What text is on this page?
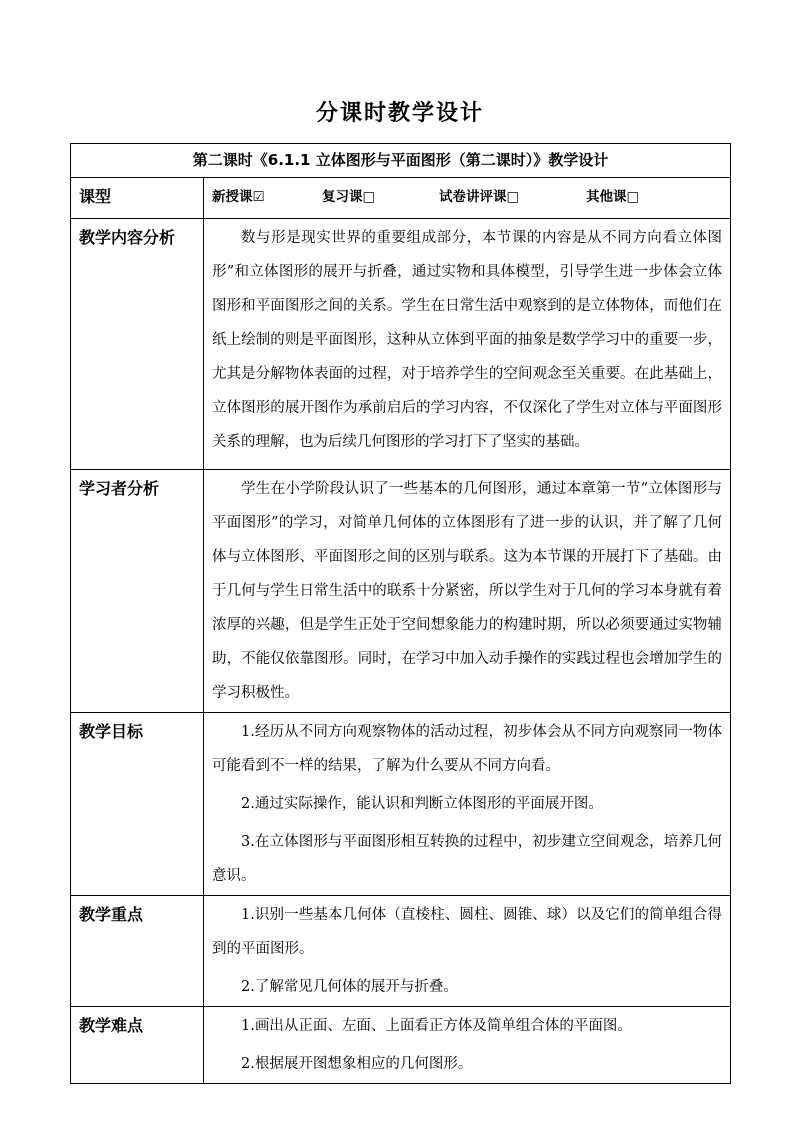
分课时教学设计
第二课时《6.1.1 立体图形与平面图形（第二课时）》教学设计	
课型	新授课☑ 复习课□ 试卷讲评课□ 其他课□

教学内容分析	数与形是现实世界的重要组成部分，本节课的内容是从不同方向看立体图形”和立体图形的展开与折叠，通过实物和具体模型，引导学生进一步体会立体图形和平面图形之间的关系。学生在日常生活中观察到的是立体物体，而他们在纸上绘制的则是平面图形，这种从立体到平面的抽象是数学学习中的重要一步，尤其是分解物体表面的过程，对于培养学生的空间观念至关重要。在此基础上，立体图形的展开图作为承前启后的学习内容，不仅深化了学生对立体与平面图形关系的理解，也为后续几何图形的学习打下了坚实的基础。

学习者分析	学生在小学阶段认识了一些基本的几何图形，通过本章第一节“立体图形与平面图形”的学习，对简单几何体的立体图形有了进一步的认识，并了解了几何体与立体图形、平面图形之间的区别与联系。这为本节课的开展打下了基础。由于几何与学生日常生活中的联系十分紧密，所以学生对于几何的学习本身就有着浓厚的兴趣，但是学生正处于空间想象能力的构建时期，所以必须要通过实物辅助，不能仅依靠图形。同时，在学习中加入动手操作的实践过程也会增加学生的学习积极性。

教学目标	1.经历从不同方向观察物体的活动过程，初步体会从不同方向观察同一物体可能看到不一样的结果，了解为什么要从不同方向看。

2.通过实际操作，能认识和判断立体图形的平面展开图。

3.在立体图形与平面图形相互转换的过程中，初步建立空间观念，培养几何意识。

教学重点	1.识别一些基本几何体（直棱柱、圆柱、圆锥、球）以及它们的简单组合得到的平面图形。

2.了解常见几何体的展开与折叠。

教学难点	1.画出从正面、左面、上面看正方体及简单组合体的平面图。

2.根据展开图想象相应的几何图形。
